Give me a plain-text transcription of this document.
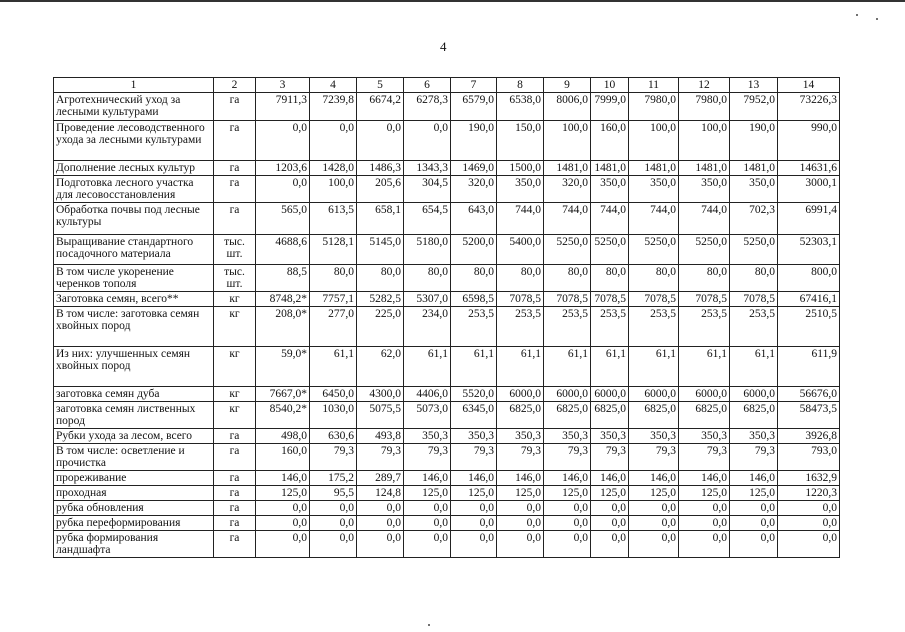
4
1	2	3	4	5	6	7	8	9	10	11	12	13	14
Агротехнический уход за лесными культурами	га	7911,3	7239,8	6674,2	6278,3	6579,0	6538,0	8006,0	7999,0	7980,0	7980,0	7952,0	73226,3
Проведение лесоводственного ухода за лесными культурами	га	0,0	0,0	0,0	0,0	190,0	150,0	100,0	160,0	100,0	100,0	190,0	990,0
Дополнение лесных культур	га	1203,6	1428,0	1486,3	1343,3	1469,0	1500,0	1481,0	1481,0	1481,0	1481,0	1481,0	14631,6
Подготовка лесного участка для лесовосстановления	га	0,0	100,0	205,6	304,5	320,0	350,0	320,0	350,0	350,0	350,0	350,0	3000,1
Обработка почвы под лесные культуры	га	565,0	613,5	658,1	654,5	643,0	744,0	744,0	744,0	744,0	744,0	702,3	6991,4
Выращивание стандартного посадочного материала	тыс. шт.	4688,6	5128,1	5145,0	5180,0	5200,0	5400,0	5250,0	5250,0	5250,0	5250,0	5250,0	52303,1
В том числе укоренение черенков тополя	тыс. шт.	88,5	80,0	80,0	80,0	80,0	80,0	80,0	80,0	80,0	80,0	80,0	800,0
Заготовка семян, всего**	кг	8748,2*	7757,1	5282,5	5307,0	6598,5	7078,5	7078,5	7078,5	7078,5	7078,5	7078,5	67416,1
В том числе: заготовка семян хвойных пород	кг	208,0*	277,0	225,0	234,0	253,5	253,5	253,5	253,5	253,5	253,5	253,5	2510,5
Из них: улучшенных семян хвойных пород	кг	59,0*	61,1	62,0	61,1	61,1	61,1	61,1	61,1	61,1	61,1	61,1	611,9
заготовка семян дуба	кг	7667,0*	6450,0	4300,0	4406,0	5520,0	6000,0	6000,0	6000,0	6000,0	6000,0	6000,0	56676,0
заготовка семян лиственных пород	кг	8540,2*	1030,0	5075,5	5073,0	6345,0	6825,0	6825,0	6825,0	6825,0	6825,0	6825,0	58473,5
Рубки ухода за лесом, всего	га	498,0	630,6	493,8	350,3	350,3	350,3	350,3	350,3	350,3	350,3	350,3	3926,8
В том числе: осветление и прочистка	га	160,0	79,3	79,3	79,3	79,3	79,3	79,3	79,3	79,3	79,3	79,3	793,0
прореживание	га	146,0	175,2	289,7	146,0	146,0	146,0	146,0	146,0	146,0	146,0	146,0	1632,9
проходная	га	125,0	95,5	124,8	125,0	125,0	125,0	125,0	125,0	125,0	125,0	125,0	1220,3
рубка обновления	га	0,0	0,0	0,0	0,0	0,0	0,0	0,0	0,0	0,0	0,0	0,0	0,0
рубка переформирования	га	0,0	0,0	0,0	0,0	0,0	0,0	0,0	0,0	0,0	0,0	0,0	0,0
рубка формирования ландшафта	га	0,0	0,0	0,0	0,0	0,0	0,0	0,0	0,0	0,0	0,0	0,0	0,0
